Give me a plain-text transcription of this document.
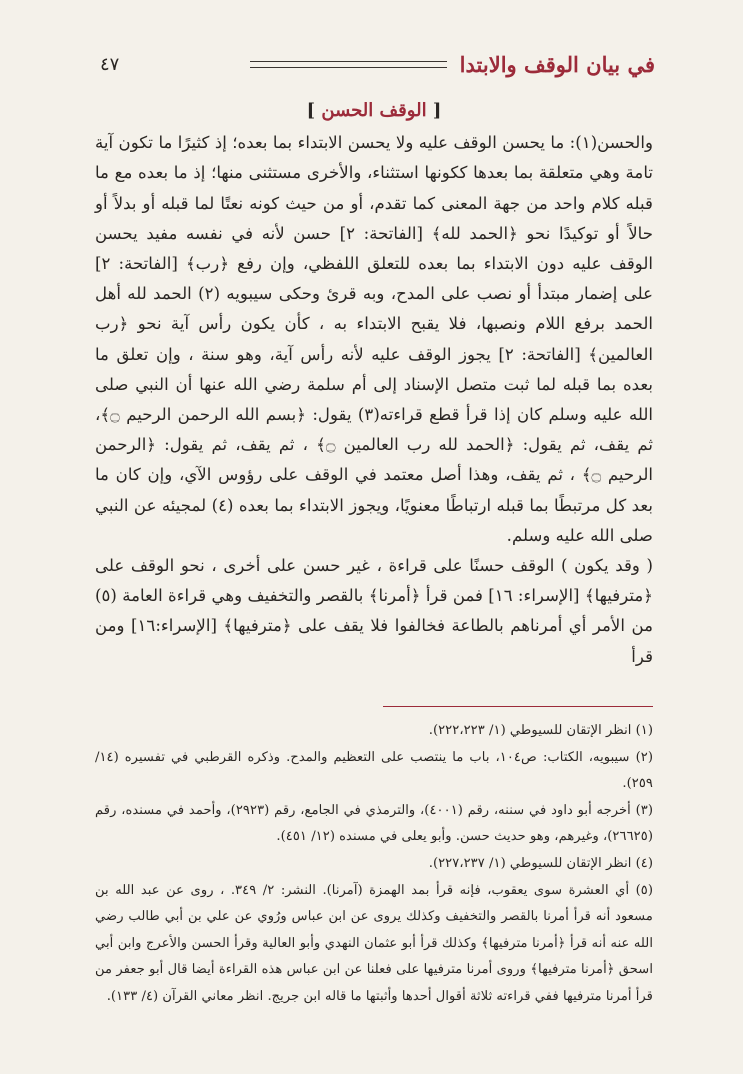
في بيان الوقف والابتدا
٤٧
[ الوقف الحسن ]

والحسن(١): ما يحسن الوقف عليه ولا يحسن الابتداء بما بعده؛ إذ كثيرًا ما تكون آية تامة وهي متعلقة بما بعدها ككونها استثناء، والأخرى مستثنى منها؛ إذ ما بعده مع ما قبله كلام واحد من جهة المعنى كما تقدم، أو من حيث كونه نعتًا لما قبله أو بدلاً أو حالاً أو توكيدًا نحو ﴿الحمد لله﴾ [الفاتحة: ٢] حسن لأنه في نفسه مفيد يحسن الوقف عليه دون الابتداء بما بعده للتعلق اللفظي، وإن رفع ﴿رب﴾ [الفاتحة: ٢] على إضمار مبتدأ أو نصب على المدح، وبه قرئ وحكى سيبويه (٢) الحمد لله أهل الحمد برفع اللام ونصبها، فلا يقبح الابتداء به ، كأن يكون رأس آية نحو ﴿رب العالمين﴾ [الفاتحة: ٢] يجوز الوقف عليه لأنه رأس آية، وهو سنة ، وإن تعلق ما بعده بما قبله لما ثبت متصل الإسناد إلى أم سلمة رضي الله عنها أن النبي صلى الله عليه وسلم كان إذا قرأ قطع قراءته(٣) يقول: ﴿بسم الله الرحمن الرحيم ۝﴾، ثم يقف، ثم يقول: ﴿الحمد لله رب العالمين ۝﴾ ، ثم يقف، ثم يقول: ﴿الرحمن الرحيم ۝﴾ ، ثم يقف، وهذا أصل معتمد في الوقف على رؤوس الآي، وإن كان ما بعد كل مرتبطًا بما قبله ارتباطًا معنويًا، ويجوز الابتداء بما بعده (٤) لمجيئه عن النبي صلى الله عليه وسلم.

( وقد يكون ) الوقف حسنًا على قراءة ، غير حسن على أخرى ، نحو الوقف على ﴿مترفيها﴾ [الإسراء: ١٦] فمن قرأ ﴿أمرنا﴾ بالقصر والتخفيف وهي قراءة العامة (٥) من الأمر أي أمرناهم بالطاعة فخالفوا فلا يقف على ﴿مترفيها﴾ [الإسراء:١٦] ومن قرأ

(١) انظر الإتقان للسيوطي (١/ ٢٢٢،٢٢٣).

(٢) سيبويه، الكتاب: ص١٠٤، باب ما ينتصب على التعظيم والمدح. وذكره القرطبي في تفسيره (١٤/ ٢٥٩).

(٣) أخرجه أبو داود في سننه، رقم (٤٠٠١)، والترمذي في الجامع، رقم (٢٩٢٣)، وأحمد في مسنده، رقم (٢٦٦٢٥)، وغيرهم، وهو حديث حسن. وأبو يعلى في مسنده (١٢/ ٤٥١).

(٤) انظر الإتقان للسيوطي (١/ ٢٢٧،٢٣٧).

(٥) أي العشرة سوى يعقوب، فإنه قرأ بمد الهمزة (آمرنا). النشر: ٢/ ٣٤٩. ، روى عن عبد الله بن مسعود أنه قرأ أمرنا بالقصر والتخفيف وكذلك يروى عن ابن عباس ورُوي عن علي بن أبي طالب رضي الله عنه أنه قرأ ﴿أمرنا مترفيها﴾ وكذلك قرأ أبو عثمان النهدي وأبو العالية وقرأ الحسن والأعرج وابن أبي اسحق ﴿أمرنا مترفيها﴾ وروى أمرنا مترفيها على فعلنا عن ابن عباس هذه القراءة أيضا قال أبو جعفر من قرأ أمرنا مترفيها ففي قراءته ثلاثة أقوال أحدها وأثبتها ما قاله ابن جريج. انظر معاني القرآن (٤/ ١٣٣).
